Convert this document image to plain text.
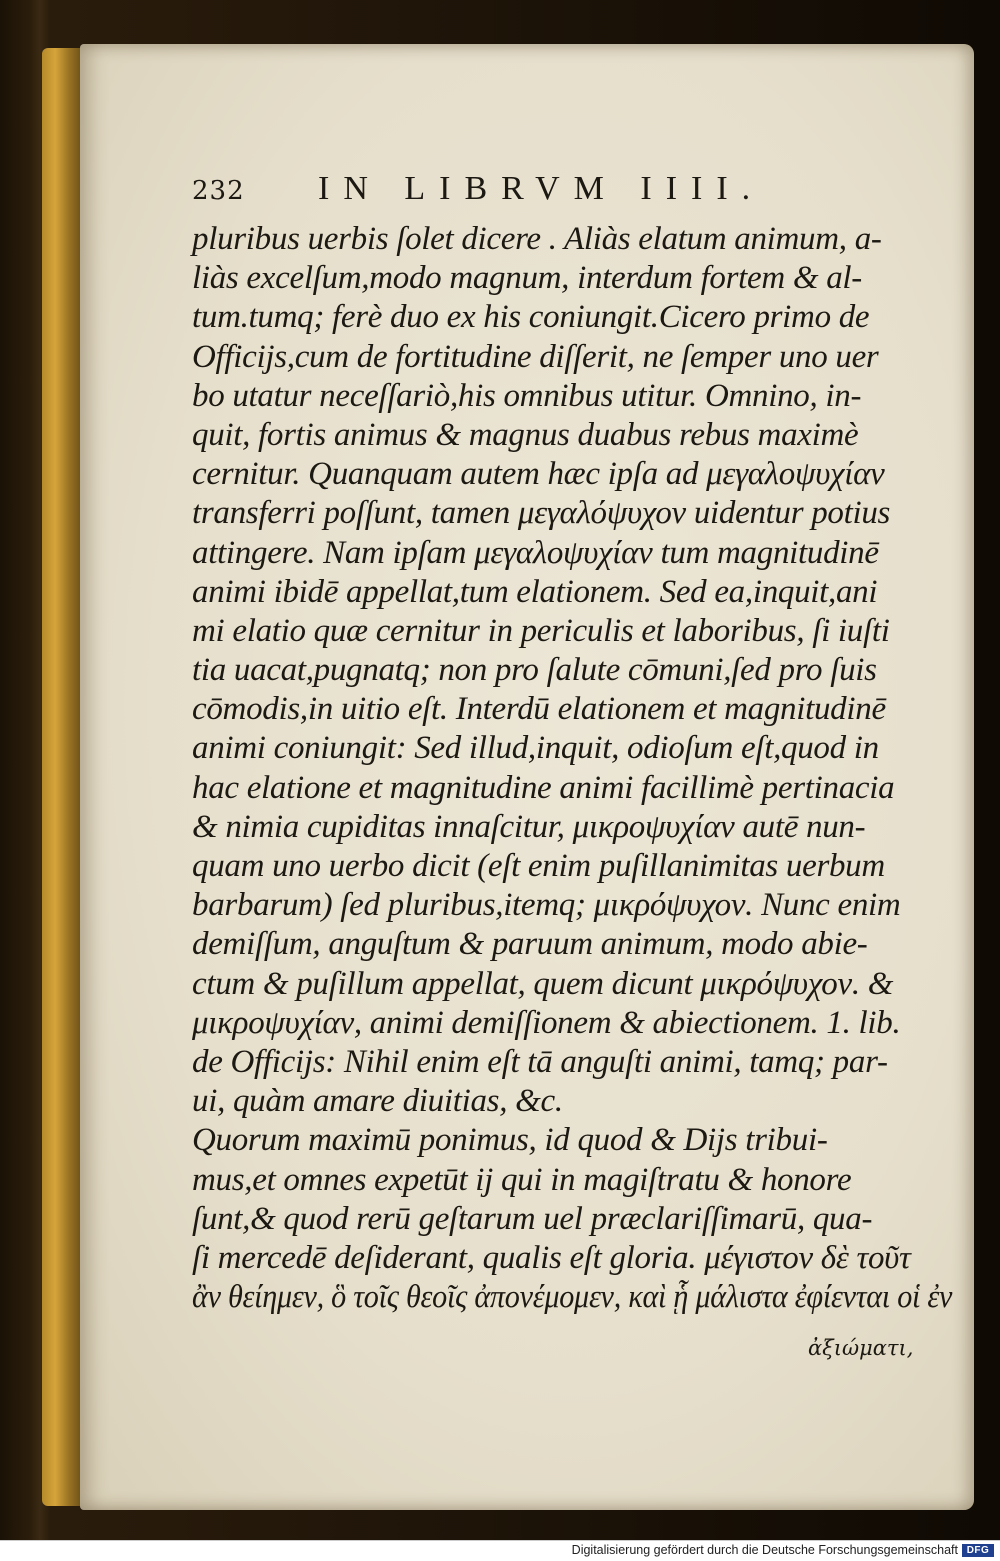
232	IN LIBRVM IIII.
pluribus uerbis ſolet dicere . Aliàs elatum animum, a-
liàs excelſum,modo magnum, interdum fortem & al-
tum.tumq; ferè duo ex his coniungit.Cicero primo de
Officijs,cum de fortitudine diſſerit, ne ſemper uno uer
bo utatur neceſſariò,his omnibus utitur. Omnino, in-
quit, fortis animus & magnus duabus rebus maximè
cernitur. Quanquam autem hæc ipſa ad μεγαλοψυχίαν
transferri poſſunt, tamen μεγαλόψυχον uidentur potius
attingere. Nam ipſam μεγαλοψυχίαν tum magnitudinē
animi ibidē appellat,tum elationem. Sed ea,inquit,ani
mi elatio quæ cernitur in periculis et laboribus, ſi iuſti
tia uacat,pugnatq; non pro ſalute cōmuni,ſed pro ſuis
cōmodis,in uitio eſt. Interdū elationem et magnitudinē
animi coniungit: Sed illud,inquit, odioſum eſt,quod in
hac elatione et magnitudine animi facillimè pertinacia
& nimia cupiditas innaſcitur, μικροψυχίαν autē nun-
quam uno uerbo dicit (eſt enim puſillanimitas uerbum
barbarum) ſed pluribus,itemq; μικρόψυχον. Nunc enim
demiſſum, anguſtum & paruum animum, modo abie-
ctum & puſillum appellat, quem dicunt μικρόψυχον. &
μικροψυχίαν, animi demiſſionem & abiectionem. 1. lib.
de Officijs: Nihil enim eſt tā anguſti animi, tamq; par-
ui, quàm amare diuitias, &c.
Quorum maximū ponimus, id quod & Dijs tribui-
mus,et omnes expetūt ij qui in magiſtratu & honore
ſunt,& quod rerū geſtarum uel præclariſſimarū, qua-
ſi mercedē deſiderant, qualis eſt gloria. μέγιστον δὲ τοῦτ
ἂν θείημεν, ὃ τοῖς θεοῖς ἀπονέμομεν, καὶ ᾗ μάλιστα ἐφίενται οἱ ἐν
ἀξιώματι,
Digitalisierung gefördert durch die Deutsche Forschungsgemeinschaft DFG
